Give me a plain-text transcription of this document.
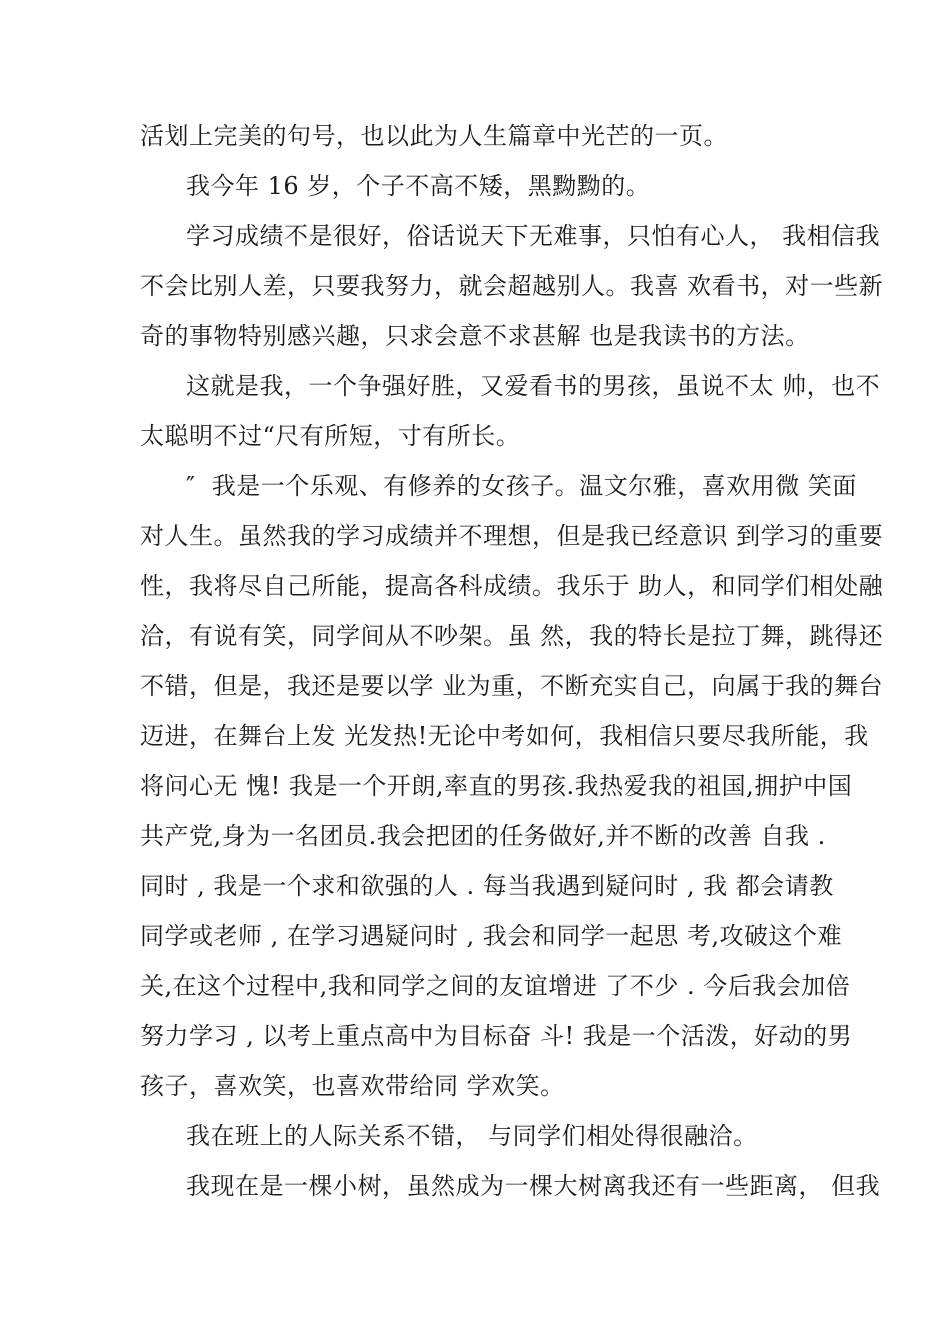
活划上完美的句号，也以此为人生篇章中光芒的一页。
我今年 16 岁，个子不高不矮，黑黝黝的。
学习成绩不是很好，俗话说天下无难事，只怕有心人， 我相信我
不会比别人差，只要我努力，就会超越别人。我喜 欢看书，对一些新
奇的事物特别感兴趣，只求会意不求甚解 也是我读书的方法。
这就是我，一个争强好胜，又爱看书的男孩，虽说不太 帅，也不
太聪明不过“尺有所短，寸有所长。
″  我是一个乐观、有修养的女孩子。温文尔雅，喜欢用微 笑面
对人生。虽然我的学习成绩并不理想，但是我已经意识 到学习的重要
性，我将尽自己所能，提高各科成绩。我乐于 助人，和同学们相处融
洽，有说有笑，同学间从不吵架。虽 然，我的特长是拉丁舞，跳得还
不错，但是，我还是要以学 业为重，不断充实自己，向属于我的舞台
迈进，在舞台上发 光发热!无论中考如何，我相信只要尽我所能，我
将问心无 愧! 我是一个开朗,率直的男孩.我热爱我的祖国,拥护中国
共产党,身为一名团员.我会把团的任务做好,并不断的改善 自我 .
同时 , 我是一个求和欲强的人 . 每当我遇到疑问时 , 我 都会请教
同学或老师 , 在学习遇疑问时 , 我会和同学一起思 考,攻破这个难
关,在这个过程中,我和同学之间的友谊增进 了不少 . 今后我会加倍
努力学习 , 以考上重点高中为目标奋 斗! 我是一个活泼，好动的男
孩子，喜欢笑，也喜欢带给同 学欢笑。
我在班上的人际关系不错， 与同学们相处得很融洽。
我现在是一棵小树，虽然成为一棵大树离我还有一些距离， 但我
